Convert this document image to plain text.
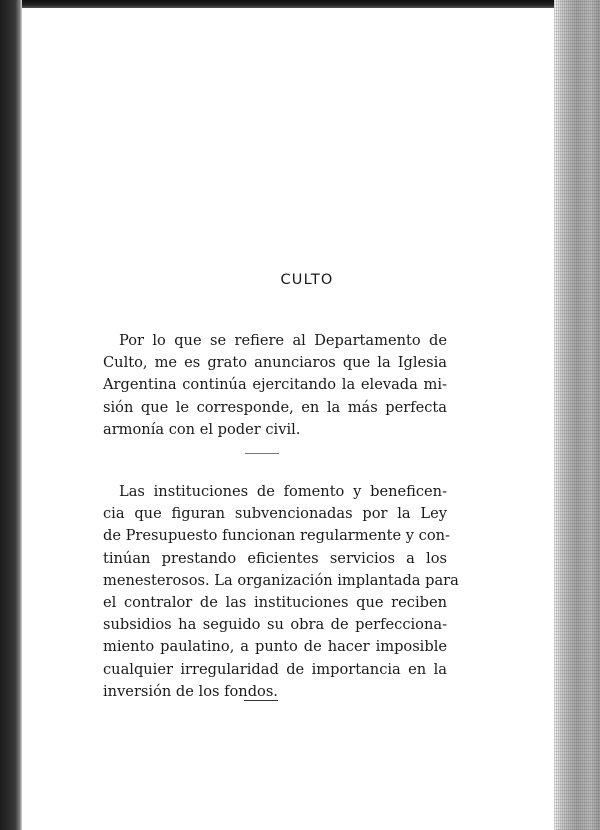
CULTO

Por lo que se refiere al Departamento de
Culto, me es grato anunciaros que la Iglesia
Argentina continúa ejercitando la elevada mi-
sión que le corresponde, en la más perfecta
armonía con el poder civil.

Las instituciones de fomento y beneficen-
cia que figuran subvencionadas por la Ley
de Presupuesto funcionan regularmente y con-
tinúan prestando eficientes servicios a los
menesterosos. La organización implantada para
el contralor de las instituciones que reciben
subsidios ha seguido su obra de perfecciona-
miento paulatino, a punto de hacer imposible
cualquier irregularidad de importancia en la
inversión de los fondos.
